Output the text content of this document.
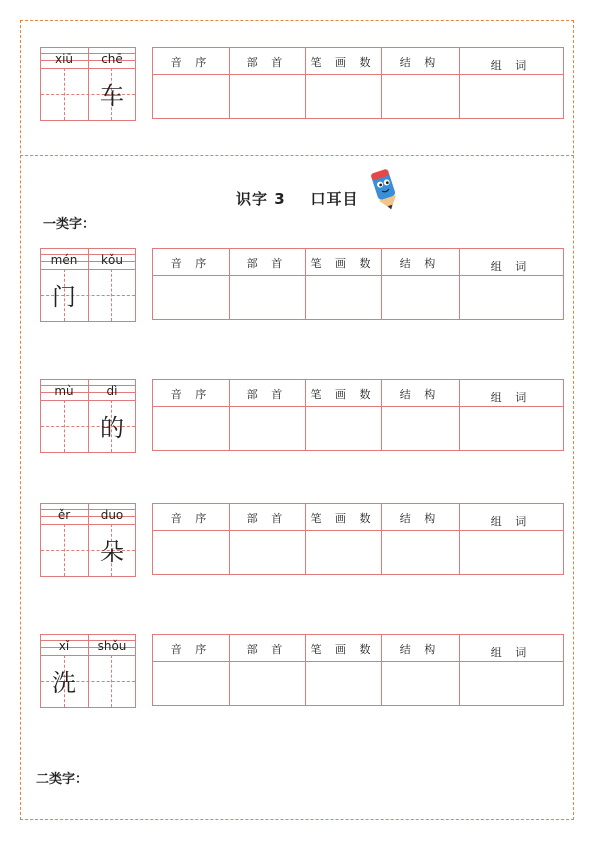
识字 3    口耳目
一类字：
二类字：
xiū	chē
车
音 序	部 首	笔 画 数	结 构	组 词
mén	kǒu
门
音 序	部 首	笔 画 数	结 构	组 词
mù	dì
的
音 序	部 首	笔 画 数	结 构	组 词
ěr	duo
朵
音 序	部 首	笔 画 数	结 构	组 词
xǐ	shǒu
洗
音 序	部 首	笔 画 数	结 构	组 词
